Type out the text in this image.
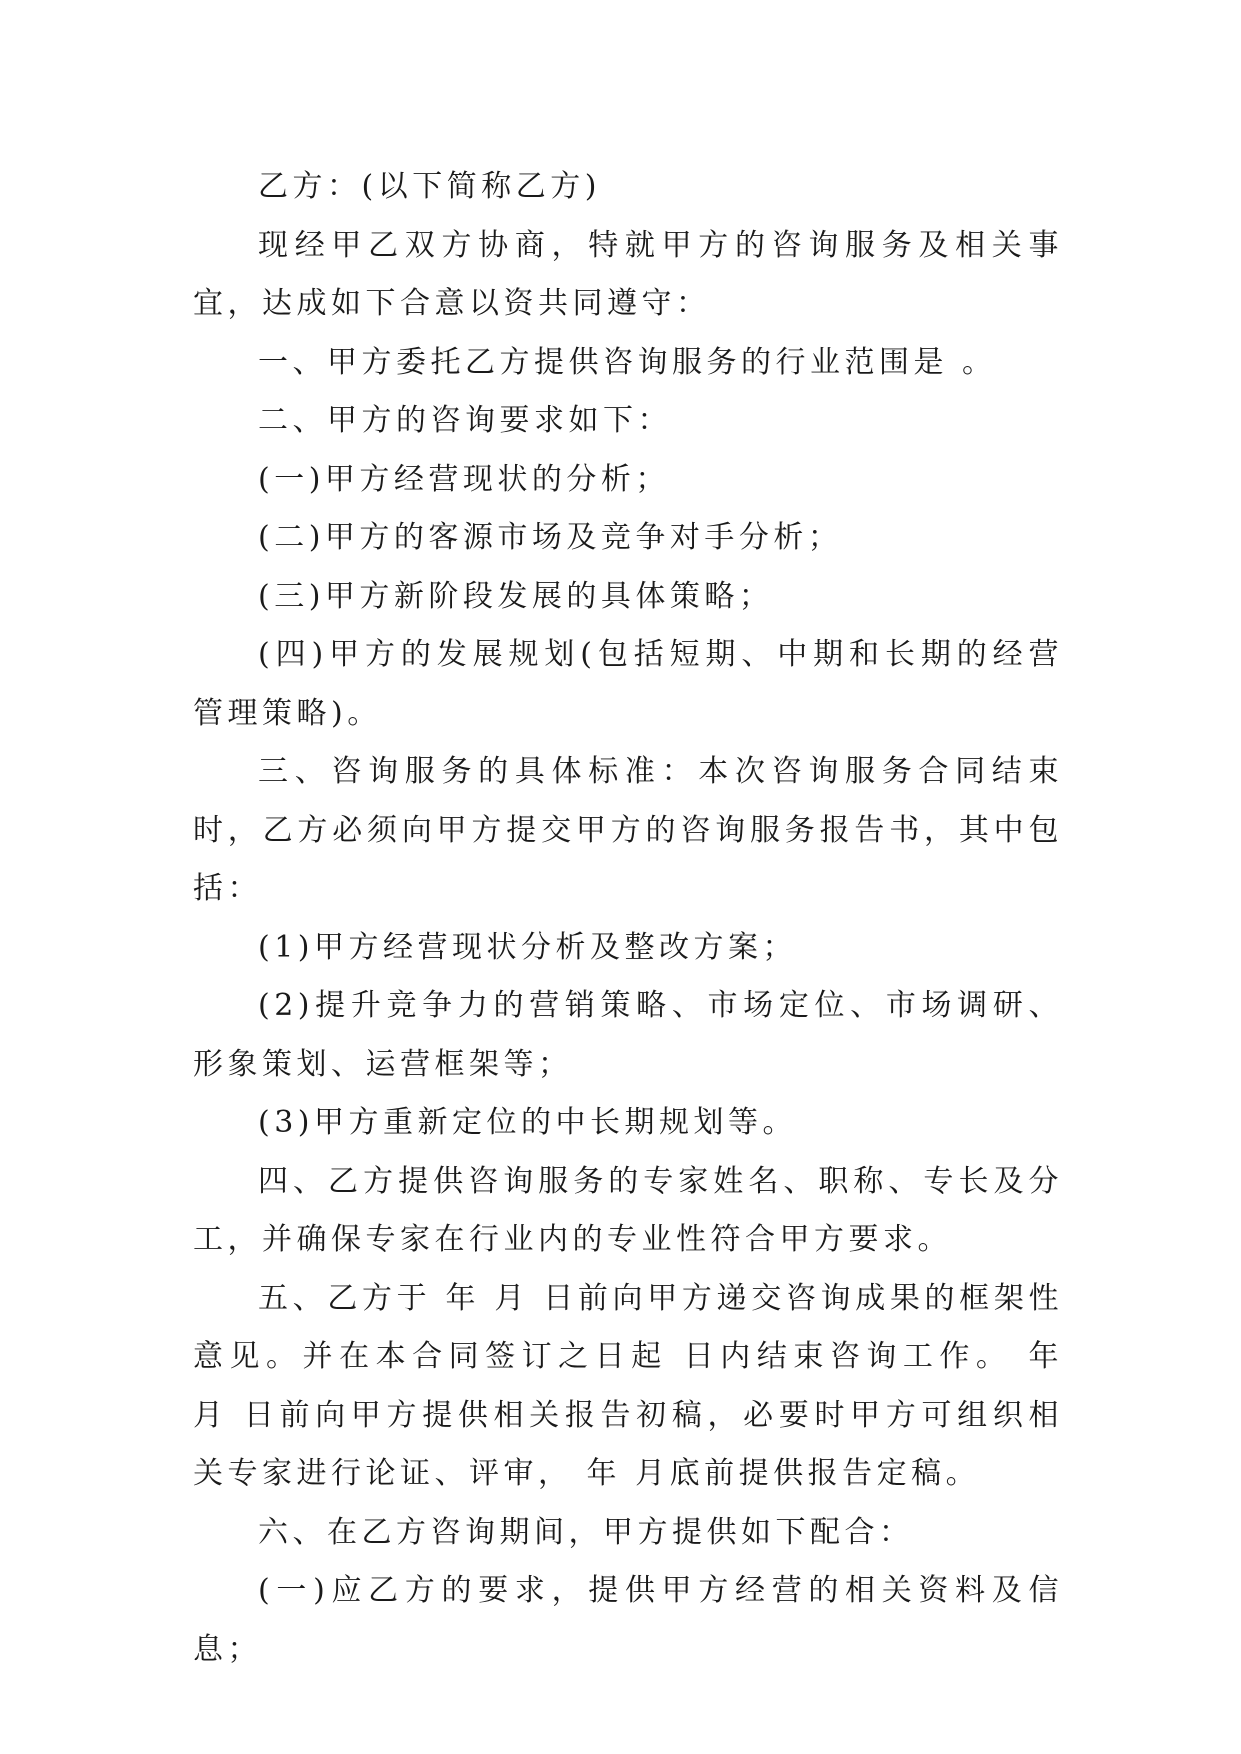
乙方：(以下简称乙方)

现经甲乙双方协商，特就甲方的咨询服务及相关事宜，达成如下合意以资共同遵守：

一、甲方委托乙方提供咨询服务的行业范围是 。

二、甲方的咨询要求如下：

(一)甲方经营现状的分析；

(二)甲方的客源市场及竞争对手分析；

(三)甲方新阶段发展的具体策略；

(四)甲方的发展规划(包括短期、中期和长期的经营管理策略)。

三、咨询服务的具体标准：本次咨询服务合同结束时，乙方必须向甲方提交甲方的咨询服务报告书，其中包括：

(1)甲方经营现状分析及整改方案；

(2)提升竞争力的营销策略、市场定位、市场调研、形象策划、运营框架等；

(3)甲方重新定位的中长期规划等。

四、乙方提供咨询服务的专家姓名、职称、专长及分工，并确保专家在行业内的专业性符合甲方要求。

五、乙方于 年 月 日前向甲方递交咨询成果的框架性意见。并在本合同签订之日起 日内结束咨询工作。 年 月 日前向甲方提供相关报告初稿，必要时甲方可组织相关专家进行论证、评审， 年 月底前提供报告定稿。

六、在乙方咨询期间，甲方提供如下配合：

(一)应乙方的要求，提供甲方经营的相关资料及信息；
